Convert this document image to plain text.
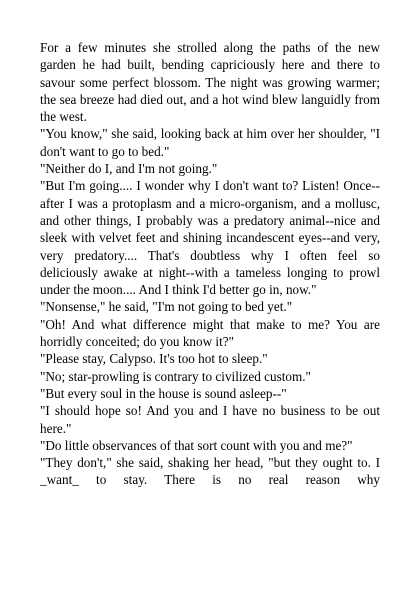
For a few minutes she strolled along the paths of the new garden he had built, bending capriciously here and there to savour some perfect blossom. The night was growing warmer; the sea breeze had died out, and a hot wind blew languidly from the west.

"You know," she said, looking back at him over her shoulder, "I don't want to go to bed."

"Neither do I, and I'm not going."

"But I'm going.... I wonder why I don't want to? Listen! Once--after I was a protoplasm and a micro-organism, and a mollusc, and other things, I probably was a predatory animal--nice and sleek with velvet feet and shining incandescent eyes--and very, very predatory.... That's doubtless why I often feel so deliciously awake at night--with a tameless longing to prowl under the moon.... And I think I'd better go in, now."

"Nonsense," he said, "I'm not going to bed yet."

"Oh! And what difference might that make to me? You are horridly conceited; do you know it?"

"Please stay, Calypso. It's too hot to sleep."

"No; star-prowling is contrary to civilized custom."

"But every soul in the house is sound asleep--"

"I should hope so! And you and I have no business to be out here."

"Do little observances of that sort count with you and me?"

"They don't," she said, shaking her head, "but they ought to. I _want_ to stay. There is no real reason why
